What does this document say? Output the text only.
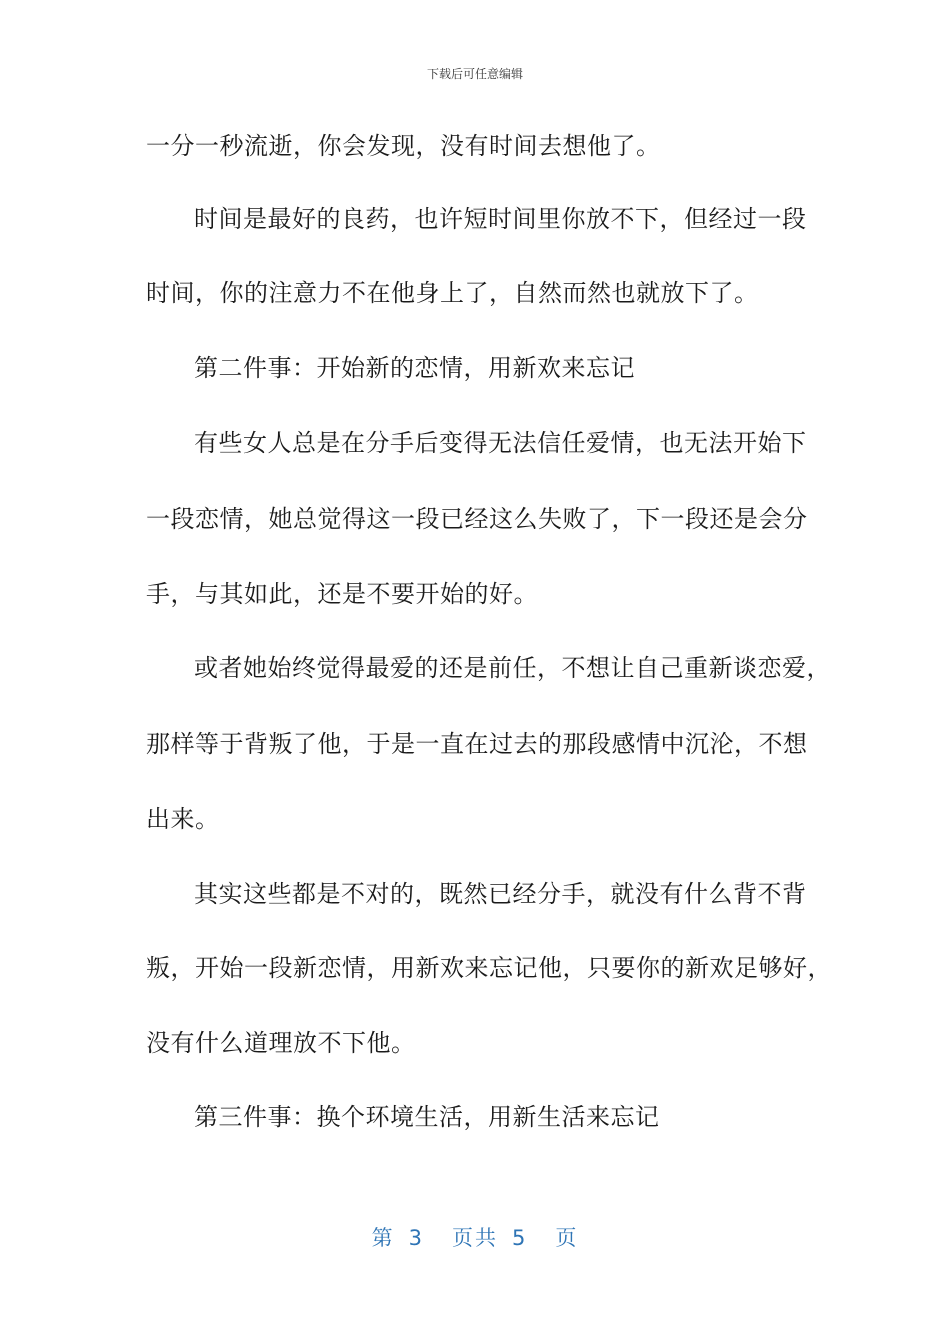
下载后可任意编辑
一分一秒流逝，你会发现，没有时间去想他了。
时间是最好的良药，也许短时间里你放不下，但经过一段
时间，你的注意力不在他身上了，自然而然也就放下了。
第二件事：开始新的恋情，用新欢来忘记
有些女人总是在分手后变得无法信任爱情，也无法开始下
一段恋情，她总觉得这一段已经这么失败了，下一段还是会分
手，与其如此，还是不要开始的好。
或者她始终觉得最爱的还是前任，不想让自己重新谈恋爱，
那样等于背叛了他，于是一直在过去的那段感情中沉沦，不想
出来。
其实这些都是不对的，既然已经分手，就没有什么背不背
叛，开始一段新恋情，用新欢来忘记他，只要你的新欢足够好，
没有什么道理放不下他。
第三件事：换个环境生活，用新生活来忘记
第 3 页共 5 页
